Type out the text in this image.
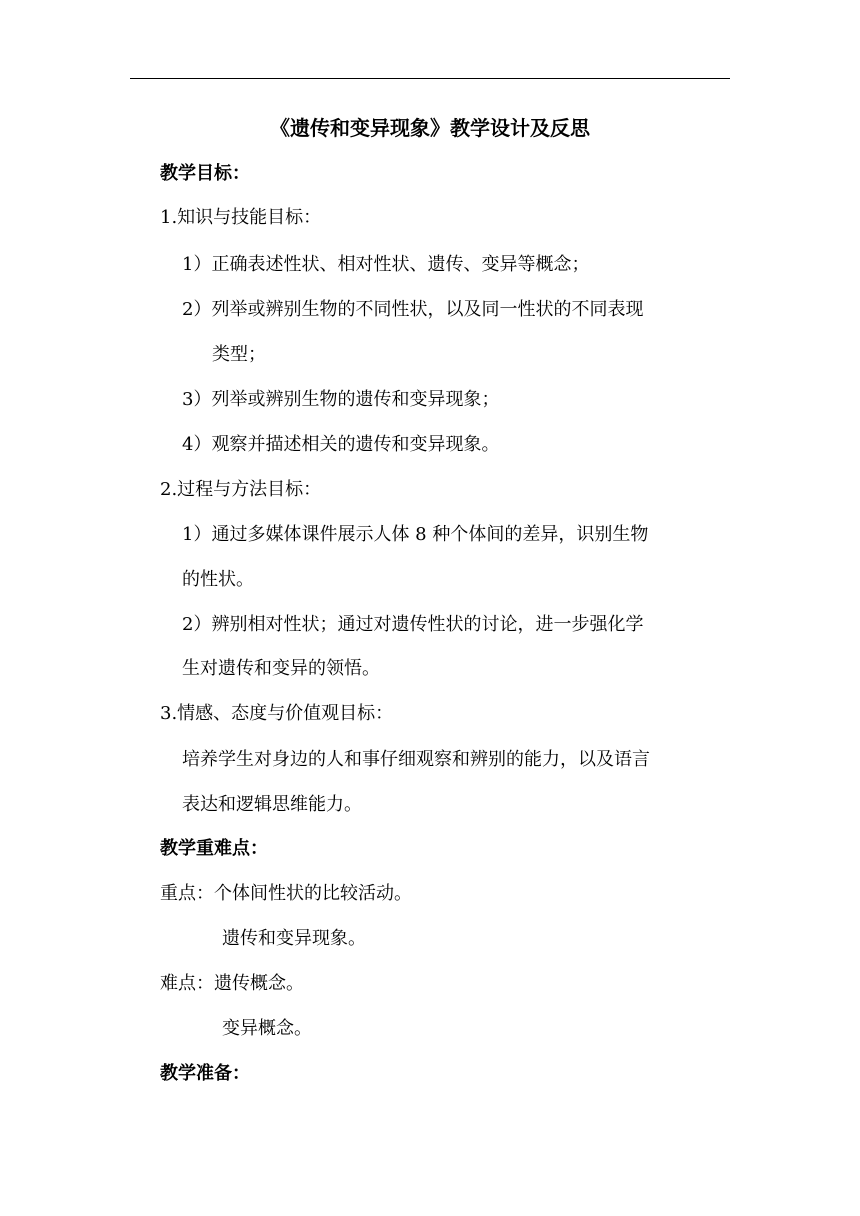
《遗传和变异现象》教学设计及反思
教学目标：
1.知识与技能目标：
1）正确表述性状、相对性状、遗传、变异等概念；
2）列举或辨别生物的不同性状，以及同一性状的不同表现
类型；
3）列举或辨别生物的遗传和变异现象；
4）观察并描述相关的遗传和变异现象。
2.过程与方法目标：
1）通过多媒体课件展示人体 8 种个体间的差异，识别生物
的性状。
2）辨别相对性状；通过对遗传性状的讨论，进一步强化学
生对遗传和变异的领悟。
3.情感、态度与价值观目标：
培养学生对身边的人和事仔细观察和辨别的能力，以及语言
表达和逻辑思维能力。
教学重难点：
重点：个体间性状的比较活动。
遗传和变异现象。
难点：遗传概念。
变异概念。
教学准备：
